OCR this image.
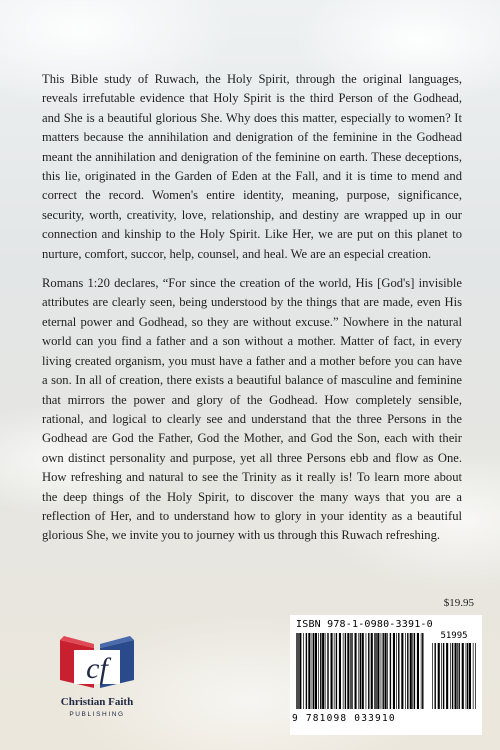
This Bible study of Ruwach, the Holy Spirit, through the original languages, reveals irrefutable evidence that Holy Spirit is the third Person of the Godhead, and She is a beautiful glorious She. Why does this matter, especially to women? It matters because the annihilation and denigration of the feminine in the Godhead meant the annihilation and denigration of the feminine on earth. These deceptions, this lie, originated in the Garden of Eden at the Fall, and it is time to mend and correct the record. Women's entire identity, meaning, purpose, significance, security, worth, creativity, love, relationship, and destiny are wrapped up in our connection and kinship to the Holy Spirit. Like Her, we are put on this planet to nurture, comfort, succor, help, counsel, and heal. We are an especial creation.

Romans 1:20 declares, “For since the creation of the world, His [God's] invisible attributes are clearly seen, being understood by the things that are made, even His eternal power and Godhead, so they are without excuse.” Nowhere in the natural world can you find a father and a son without a mother. Matter of fact, in every living created organism, you must have a father and a mother before you can have a son. In all of creation, there exists a beautiful balance of masculine and feminine that mirrors the power and glory of the Godhead. How completely sensible, rational, and logical to clearly see and understand that the three Persons in the Godhead are God the Father, God the Mother, and God the Son, each with their own distinct personality and purpose, yet all three Persons ebb and flow as One. How refreshing and natural to see the Trinity as it really is! To learn more about the deep things of the Holy Spirit, to discover the many ways that you are a reflection of Her, and to understand how to glory in your identity as a beautiful glorious She, we invite you to journey with us through this Ruwach refreshing.

cf
Christian Faith
PUBLISHING
$19.95
ISBN 978-1-0980-3391-0
51995
9 781098 033910
